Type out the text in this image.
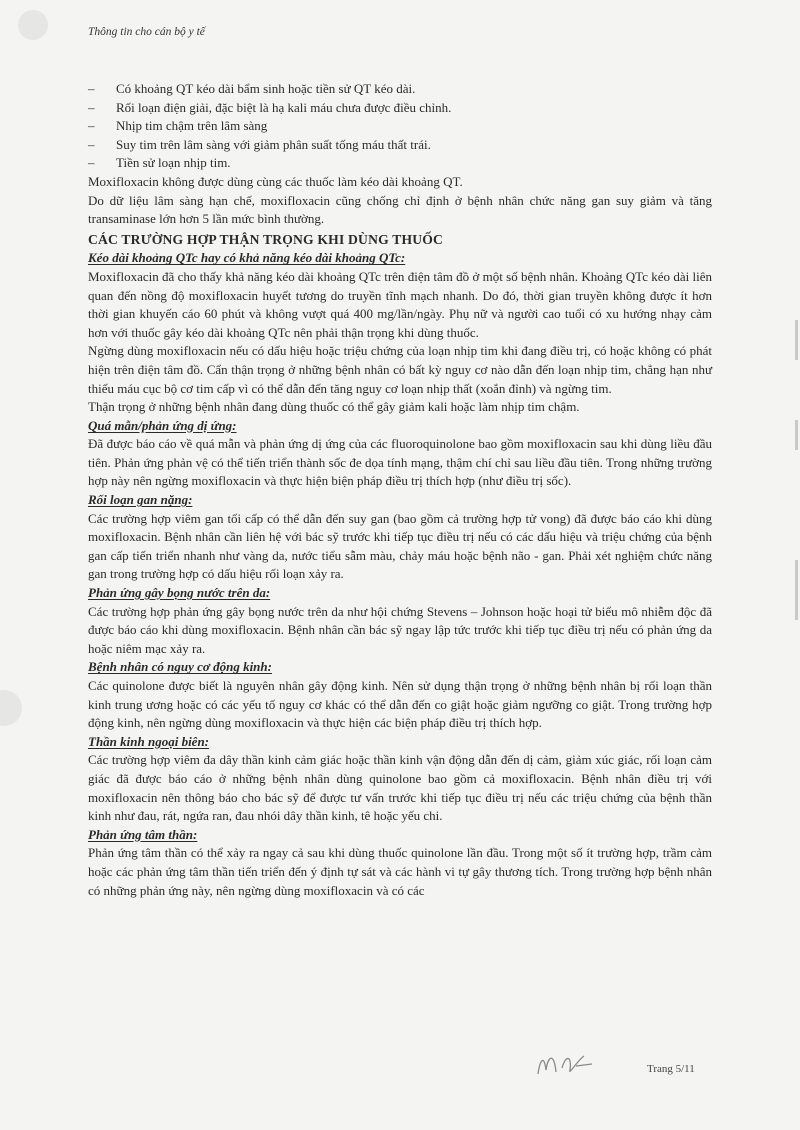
Thông tin cho cán bộ y tế
– Có khoảng QT kéo dài bẩm sinh hoặc tiền sử QT kéo dài.
– Rối loạn điện giải, đặc biệt là hạ kali máu chưa được điều chỉnh.
– Nhịp tim chậm trên lâm sàng
– Suy tim trên lâm sàng với giảm phân suất tống máu thất trái.
– Tiền sử loạn nhịp tim.

Moxifloxacin không được dùng cùng các thuốc làm kéo dài khoảng QT.

Do dữ liệu lâm sàng hạn chế, moxifloxacin cũng chống chỉ định ở bệnh nhân chức năng gan suy giảm và tăng transaminase lớn hơn 5 lần mức bình thường.

CÁC TRƯỜNG HỢP THẬN TRỌNG KHI DÙNG THUỐC
Kéo dài khoảng QTc hay có khả năng kéo dài khoảng QTc:

Moxifloxacin đã cho thấy khả năng kéo dài khoảng QTc trên điện tâm đồ ở một số bệnh nhân. Khoảng QTc kéo dài liên quan đến nồng độ moxifloxacin huyết tương do truyền tĩnh mạch nhanh. Do đó, thời gian truyền không được ít hơn thời gian khuyến cáo 60 phút và không vượt quá 400 mg/lần/ngày. Phụ nữ và người cao tuổi có xu hướng nhạy cảm hơn với thuốc gây kéo dài khoảng QTc nên phải thận trọng khi dùng thuốc.

Ngừng dùng moxifloxacin nếu có dấu hiệu hoặc triệu chứng của loạn nhịp tim khi đang điều trị, có hoặc không có phát hiện trên điện tâm đồ. Cẩn thận trọng ở những bệnh nhân có bất kỳ nguy cơ nào dẫn đến loạn nhịp tim, chẳng hạn như thiếu máu cục bộ cơ tim cấp vì có thể dẫn đến tăng nguy cơ loạn nhịp thất (xoắn đỉnh) và ngừng tim.

Thận trọng ở những bệnh nhân đang dùng thuốc có thể gây giảm kali hoặc làm nhịp tim chậm.

Quá mẫn/phản ứng dị ứng:

Đã được báo cáo về quá mẫn và phản ứng dị ứng của các fluoroquinolone bao gồm moxifloxacin sau khi dùng liều đầu tiên. Phản ứng phản vệ có thể tiến triển thành sốc đe dọa tính mạng, thậm chí chỉ sau liều đầu tiên. Trong những trường hợp này nên ngừng moxifloxacin và thực hiện biện pháp điều trị thích hợp (như điều trị sốc).

Rối loạn gan nặng:

Các trường hợp viêm gan tối cấp có thể dẫn đến suy gan (bao gồm cả trường hợp tử vong) đã được báo cáo khi dùng moxifloxacin. Bệnh nhân cần liên hệ với bác sỹ trước khi tiếp tục điều trị nếu có các dấu hiệu và triệu chứng của bệnh gan cấp tiến triển nhanh như vàng da, nước tiểu sẫm màu, chảy máu hoặc bệnh não - gan. Phải xét nghiệm chức năng gan trong trường hợp có dấu hiệu rối loạn xảy ra.

Phản ứng gây bọng nước trên da:

Các trường hợp phản ứng gây bọng nước trên da như hội chứng Stevens – Johnson hoặc hoại tử biểu mô nhiễm độc đã được báo cáo khi dùng moxifloxacin. Bệnh nhân cần bác sỹ ngay lập tức trước khi tiếp tục điều trị nếu có phản ứng da hoặc niêm mạc xảy ra.

Bệnh nhân có nguy cơ động kinh:

Các quinolone được biết là nguyên nhân gây động kinh. Nên sử dụng thận trọng ở những bệnh nhân bị rối loạn thần kinh trung ương hoặc có các yếu tố nguy cơ khác có thể dẫn đến co giật hoặc giảm ngưỡng co giật. Trong trường hợp động kinh, nên ngừng dùng moxifloxacin và thực hiện các biện pháp điều trị thích hợp.

Thần kinh ngoại biên:

Các trường hợp viêm đa dây thần kinh cảm giác hoặc thần kinh vận động dẫn đến dị cảm, giảm xúc giác, rối loạn cảm giác đã được báo cáo ở những bệnh nhân dùng quinolone bao gồm cả moxifloxacin. Bệnh nhân điều trị với moxifloxacin nên thông báo cho bác sỹ để được tư vấn trước khi tiếp tục điều trị nếu các triệu chứng của bệnh thần kinh như đau, rát, ngứa ran, đau nhói dây thần kinh, tê hoặc yếu chi.

Phản ứng tâm thần:

Phản ứng tâm thần có thể xảy ra ngay cả sau khi dùng thuốc quinolone lần đầu. Trong một số ít trường hợp, trầm cảm hoặc các phản ứng tâm thần tiến triển đến ý định tự sát và các hành vi tự gây thương tích. Trong trường hợp bệnh nhân có những phản ứng này, nên ngừng dùng moxifloxacin và có các

Trang 5/11
